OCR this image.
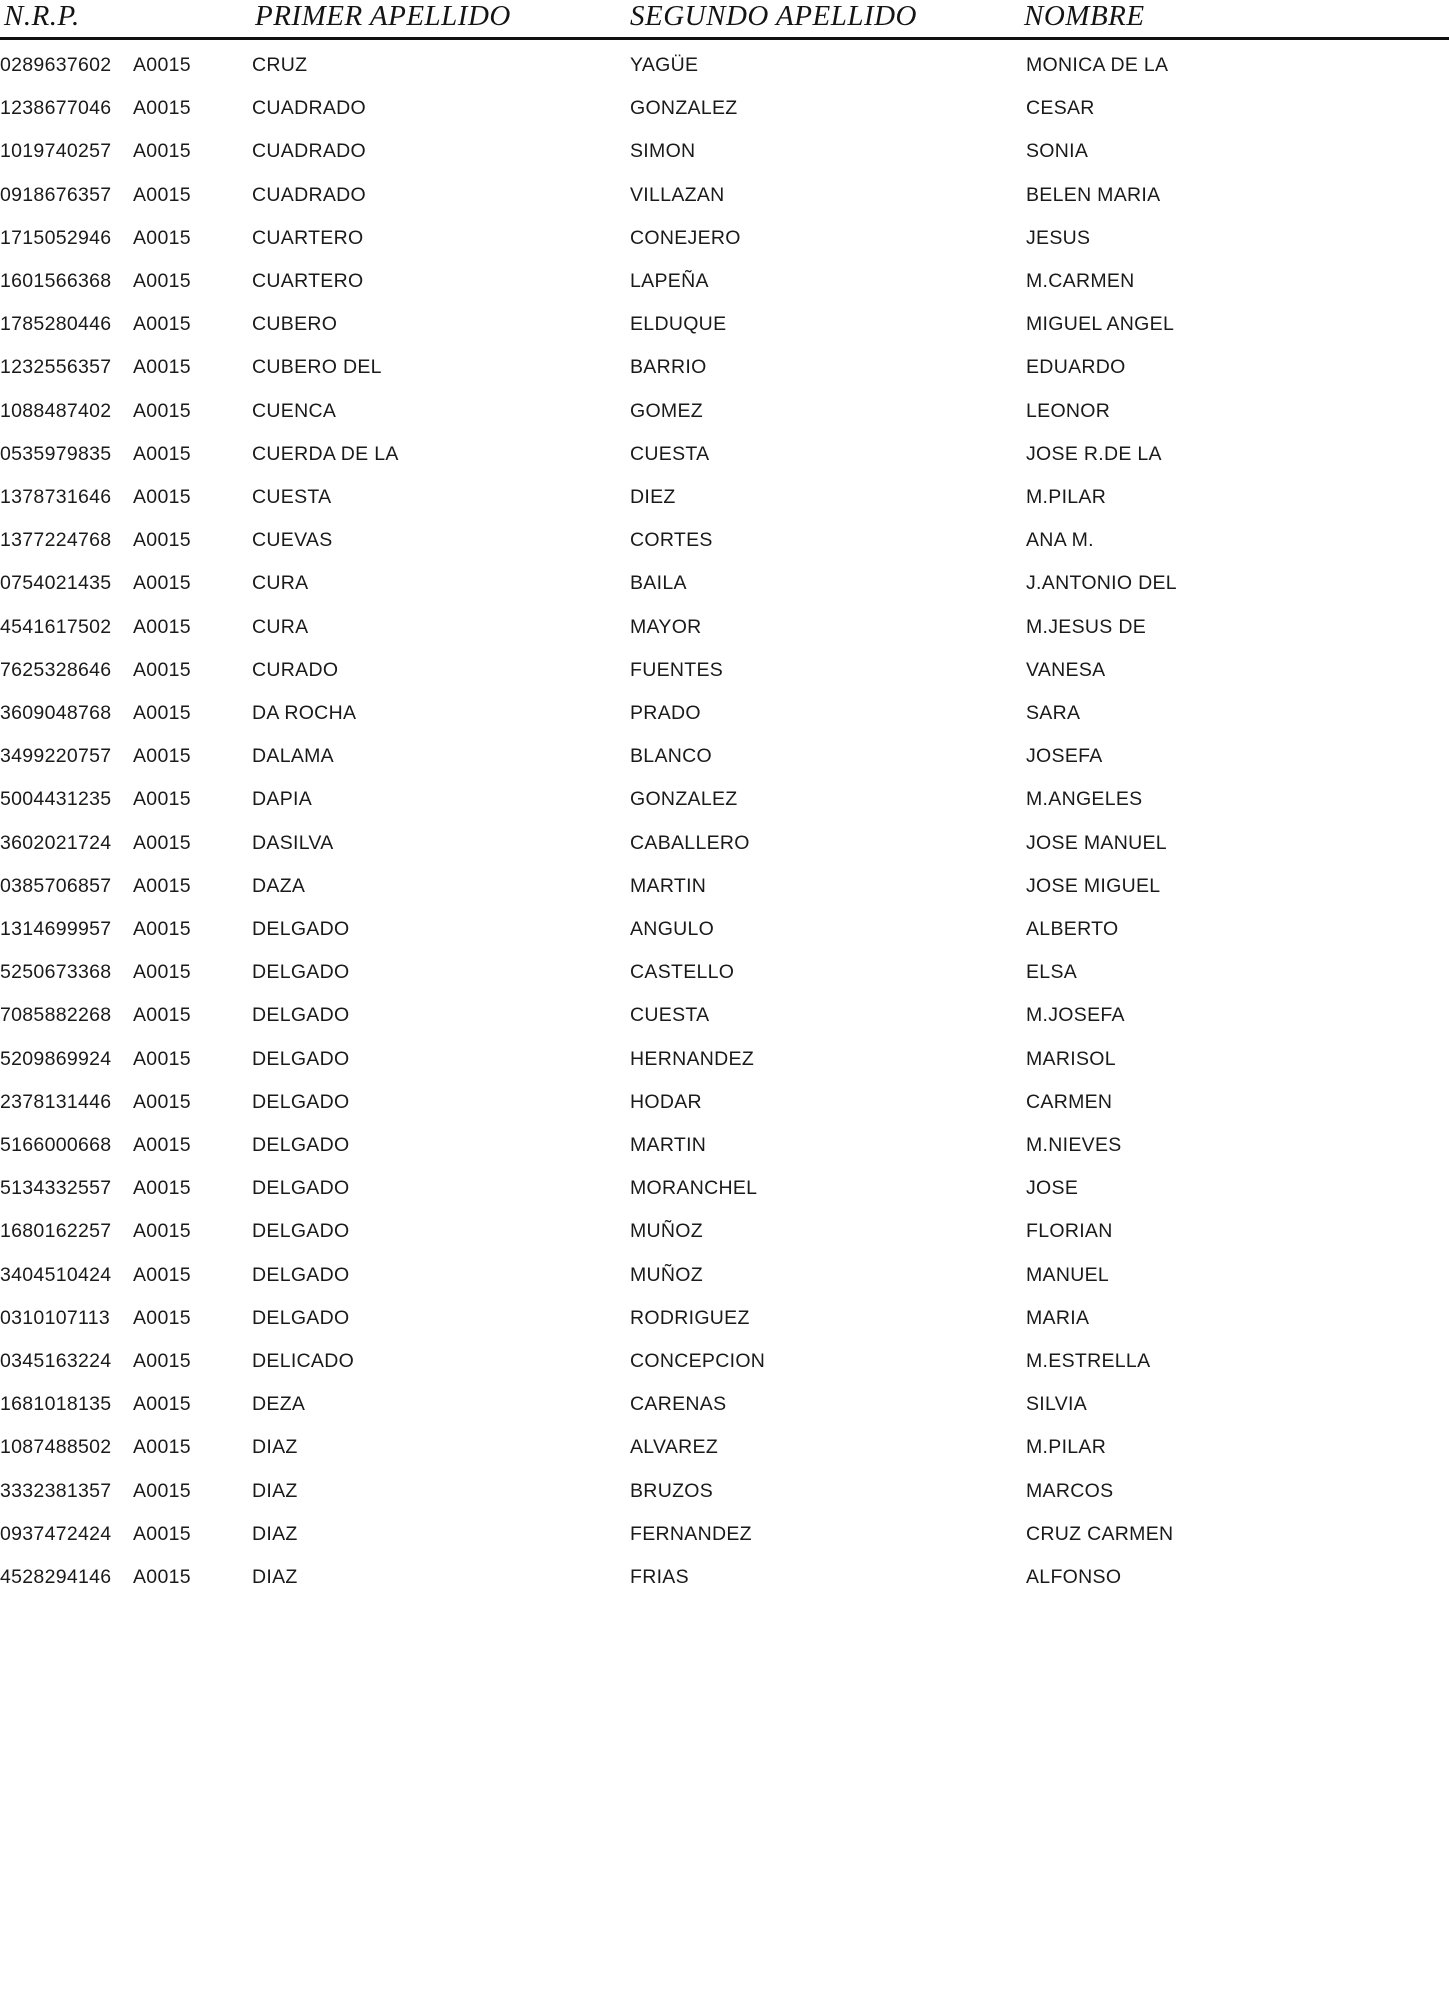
N.R.P.	PRIMER APELLIDO	SEGUNDO APELLIDO	NOMBRE
0289637602 A0015	CRUZ	YAGÜE	MONICA DE LA
1238677046 A0015	CUADRADO	GONZALEZ	CESAR
1019740257 A0015	CUADRADO	SIMON	SONIA
0918676357 A0015	CUADRADO	VILLAZAN	BELEN MARIA
1715052946 A0015	CUARTERO	CONEJERO	JESUS
1601566368 A0015	CUARTERO	LAPEÑA	M.CARMEN
1785280446 A0015	CUBERO	ELDUQUE	MIGUEL ANGEL
1232556357 A0015	CUBERO DEL	BARRIO	EDUARDO
1088487402 A0015	CUENCA	GOMEZ	LEONOR
0535979835 A0015	CUERDA DE LA	CUESTA	JOSE R.DE LA
1378731646 A0015	CUESTA	DIEZ	M.PILAR
1377224768 A0015	CUEVAS	CORTES	ANA M.
0754021435 A0015	CURA	BAILA	J.ANTONIO DEL
4541617502 A0015	CURA	MAYOR	M.JESUS DE
7625328646 A0015	CURADO	FUENTES	VANESA
3609048768 A0015	DA ROCHA	PRADO	SARA
3499220757 A0015	DALAMA	BLANCO	JOSEFA
5004431235 A0015	DAPIA	GONZALEZ	M.ANGELES
3602021724 A0015	DASILVA	CABALLERO	JOSE MANUEL
0385706857 A0015	DAZA	MARTIN	JOSE MIGUEL
1314699957 A0015	DELGADO	ANGULO	ALBERTO
5250673368 A0015	DELGADO	CASTELLO	ELSA
7085882268 A0015	DELGADO	CUESTA	M.JOSEFA
5209869924 A0015	DELGADO	HERNANDEZ	MARISOL
2378131446 A0015	DELGADO	HODAR	CARMEN
5166000668 A0015	DELGADO	MARTIN	M.NIEVES
5134332557 A0015	DELGADO	MORANCHEL	JOSE
1680162257 A0015	DELGADO	MUÑOZ	FLORIAN
3404510424 A0015	DELGADO	MUÑOZ	MANUEL
0310107113 A0015	DELGADO	RODRIGUEZ	MARIA
0345163224 A0015	DELICADO	CONCEPCION	M.ESTRELLA
1681018135 A0015	DEZA	CARENAS	SILVIA
1087488502 A0015	DIAZ	ALVAREZ	M.PILAR
3332381357 A0015	DIAZ	BRUZOS	MARCOS
0937472424 A0015	DIAZ	FERNANDEZ	CRUZ CARMEN
4528294146 A0015	DIAZ	FRIAS	ALFONSO
